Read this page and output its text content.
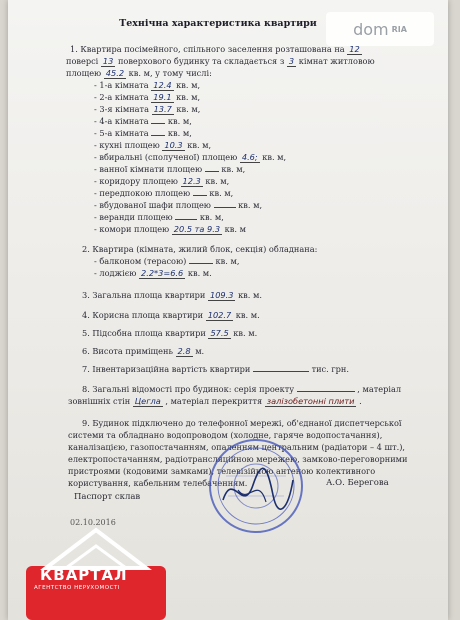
Технічна характеристика квартири	dom RIA
1. Квартира посімейного, спільного заселення розташована на 12
поверсі 13 поверхового будинку та складається з 3 кімнат житловою
площею 45.2 кв. м, у тому числі:
- 1-а кімната 12.4 кв. м,
- 2-а кімната 19.1 кв. м,
- 3-я кімната 13.7 кв. м,
- 4-а кімната кв. м,
- 5-а кімната кв. м,
- кухні площею 10.3 кв. м,
- вбиральні (сполученої) площею 4.6; кв. м,
- ванної кімнати площею кв. м,
- коридору площею 12.3 кв. м,
- передпокою площею кв. м,
- вбудованої шафи площею	кв. м,
- веранди площею	кв. м,
- комори площею 20.5 та 9.3 кв. м
2. Квартира (кімната, жилий блок, секція) обладнана:
- балконом (терасою)	кв. м,
- лоджією 2.2*3=6.6 кв. м.
3. Загальна площа квартири 109.3 кв. м.
4. Корисна площа квартири 102.7 кв. м.
5. Підсобна площа квартири 57.5 кв. м.
6. Висота приміщень 2.8 м.
7. Інвентаризаційна вартість квартири	тис. грн.
8. Загальні відомості про будинок: серія проекту	, матеріал
зовнішніх стін Цегла , матеріал перекриття залізобетонні плити .
9. Будинок підключено до телефонної мережі, об'єднаної диспетчерської
системи та обладнано водопроводом (холодне, гаряче водопостачання),
каналізацією, газопостачанням, опаленням центральним (радіатори – 4 шт.),
електропостачанням, радіотрансляційною мережею, замково-переговорними
пристроями (кодовими замками), телевізійною антеною колективного
користування, кабельним телебаченням.	А.О. Берегова
Паспорт склав
02.10.2016
КВАРТАЛ
АГЕНТСТВО НЕРУХОМОСТІ
